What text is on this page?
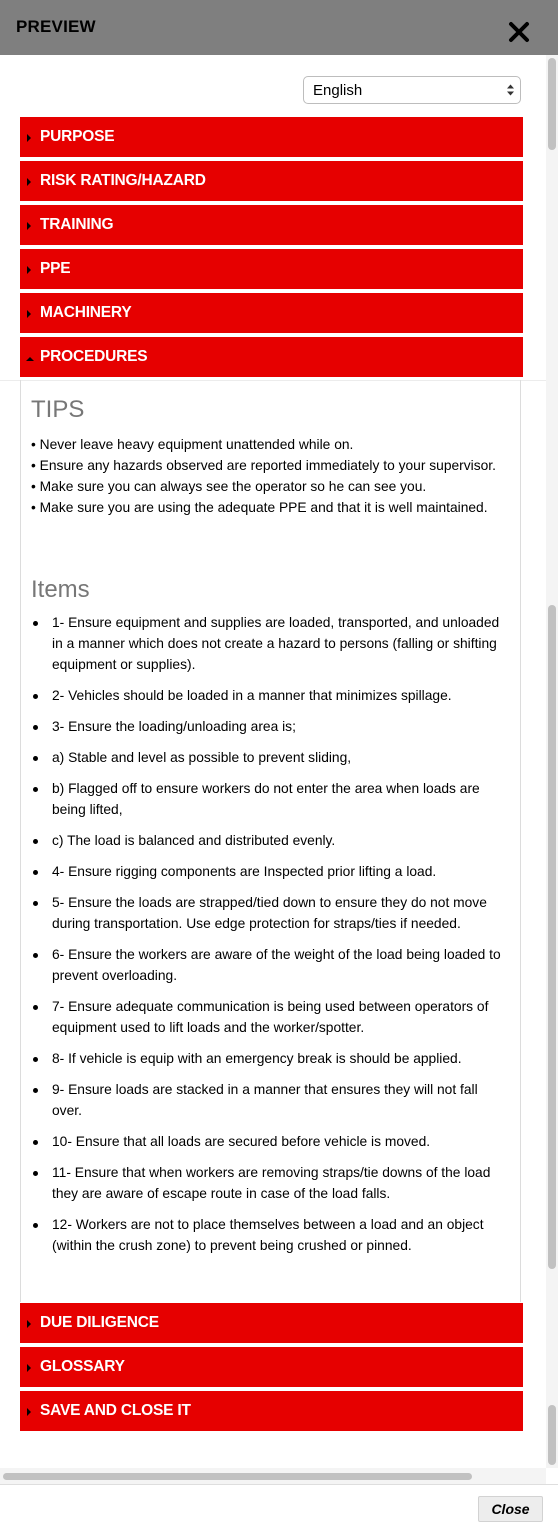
PREVIEW
English
PURPOSE
RISK RATING/HAZARD
TRAINING
PPE
MACHINERY
PROCEDURES
TIPS
• Never leave heavy equipment unattended while on.
• Ensure any hazards observed are reported immediately to your supervisor.
• Make sure you can always see the operator so he can see you.
• Make sure you are using the adequate PPE and that it is well maintained.
Items
1- Ensure equipment and supplies are loaded, transported, and unloaded in a manner which does not create a hazard to persons (falling or shifting equipment or supplies).
2- Vehicles should be loaded in a manner that minimizes spillage.
3- Ensure the loading/unloading area is;
a) Stable and level as possible to prevent sliding,
b) Flagged off to ensure workers do not enter the area when loads are being lifted,
c) The load is balanced and distributed evenly.
4- Ensure rigging components are Inspected prior lifting a load.
5- Ensure the loads are strapped/tied down to ensure they do not move during transportation. Use edge protection for straps/ties if needed.
6- Ensure the workers are aware of the weight of the load being loaded to prevent overloading.
7- Ensure adequate communication is being used between operators of equipment used to lift loads and the worker/spotter.
8- If vehicle is equip with an emergency break is should be applied.
9- Ensure loads are stacked in a manner that ensures they will not fall over.
10- Ensure that all loads are secured before vehicle is moved.
11- Ensure that when workers are removing straps/tie downs of the load they are aware of escape route in case of the load falls.
12- Workers are not to place themselves between a load and an object (within the crush zone) to prevent being crushed or pinned.
DUE DILIGENCE
GLOSSARY
SAVE AND CLOSE IT
Close
